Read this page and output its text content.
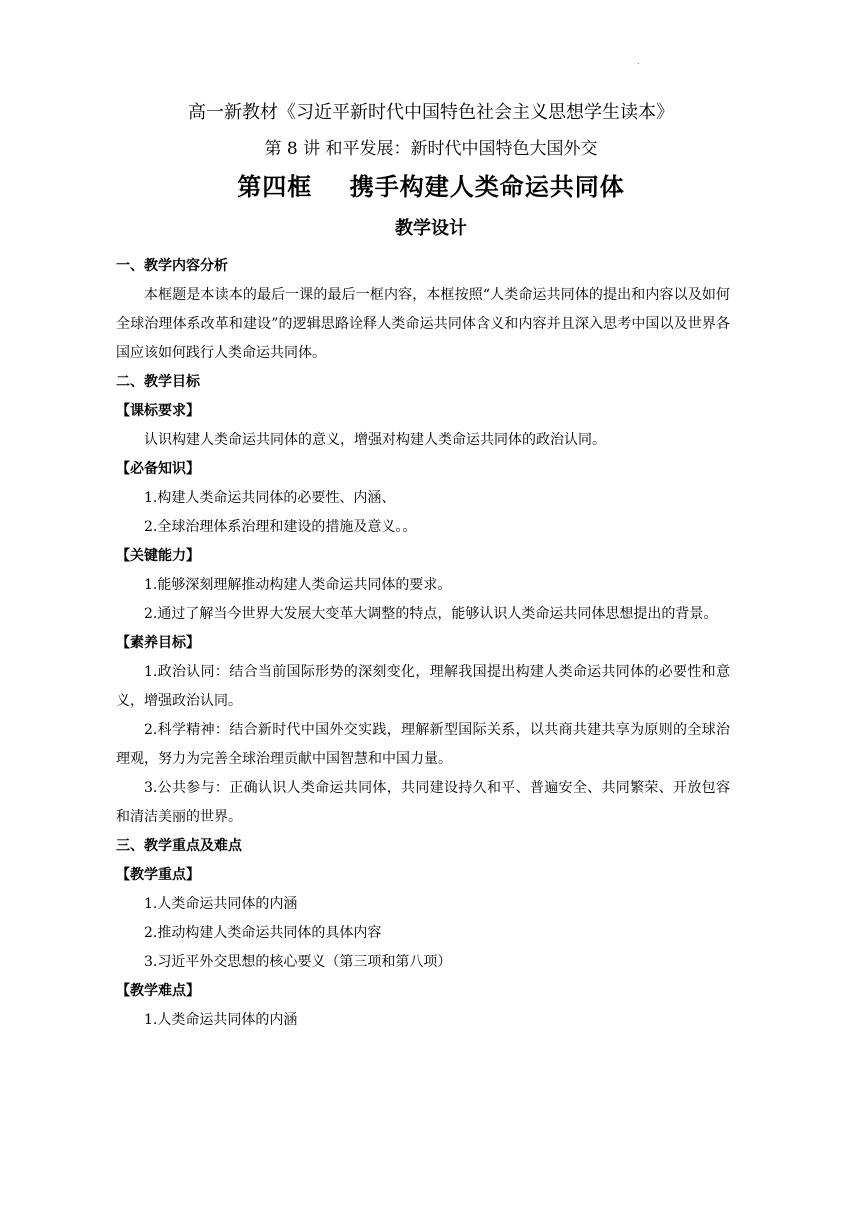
.
高一新教材《习近平新时代中国特色社会主义思想学生读本》
第 8 讲 和平发展：新时代中国特色大国外交
第四框    携手构建人类命运共同体
教学设计
一、教学内容分析
本框题是本读本的最后一课的最后一框内容，本框按照“人类命运共同体的提出和内容以及如何全球治理体系改革和建设”的逻辑思路诠释人类命运共同体含义和内容并且深入思考中国以及世界各国应该如何践行人类命运共同体。
二、教学目标
【课标要求】
认识构建人类命运共同体的意义，增强对构建人类命运共同体的政治认同。
【必备知识】
1.构建人类命运共同体的必要性、内涵、
2.全球治理体系治理和建设的措施及意义。。
【关键能力】
1.能够深刻理解推动构建人类命运共同体的要求。
2.通过了解当今世界大发展大变革大调整的特点，能够认识人类命运共同体思想提出的背景。
【素养目标】
1.政治认同：结合当前国际形势的深刻变化，理解我国提出构建人类命运共同体的必要性和意义，增强政治认同。
2.科学精神：结合新时代中国外交实践，理解新型国际关系，以共商共建共享为原则的全球治理观，努力为完善全球治理贡献中国智慧和中国力量。
3.公共参与：正确认识人类命运共同体，共同建设持久和平、普遍安全、共同繁荣、开放包容和清洁美丽的世界。
三、教学重点及难点
【教学重点】
1.人类命运共同体的内涵
2.推动构建人类命运共同体的具体内容
3.习近平外交思想的核心要义（第三项和第八项）
【教学难点】
1.人类命运共同体的内涵
